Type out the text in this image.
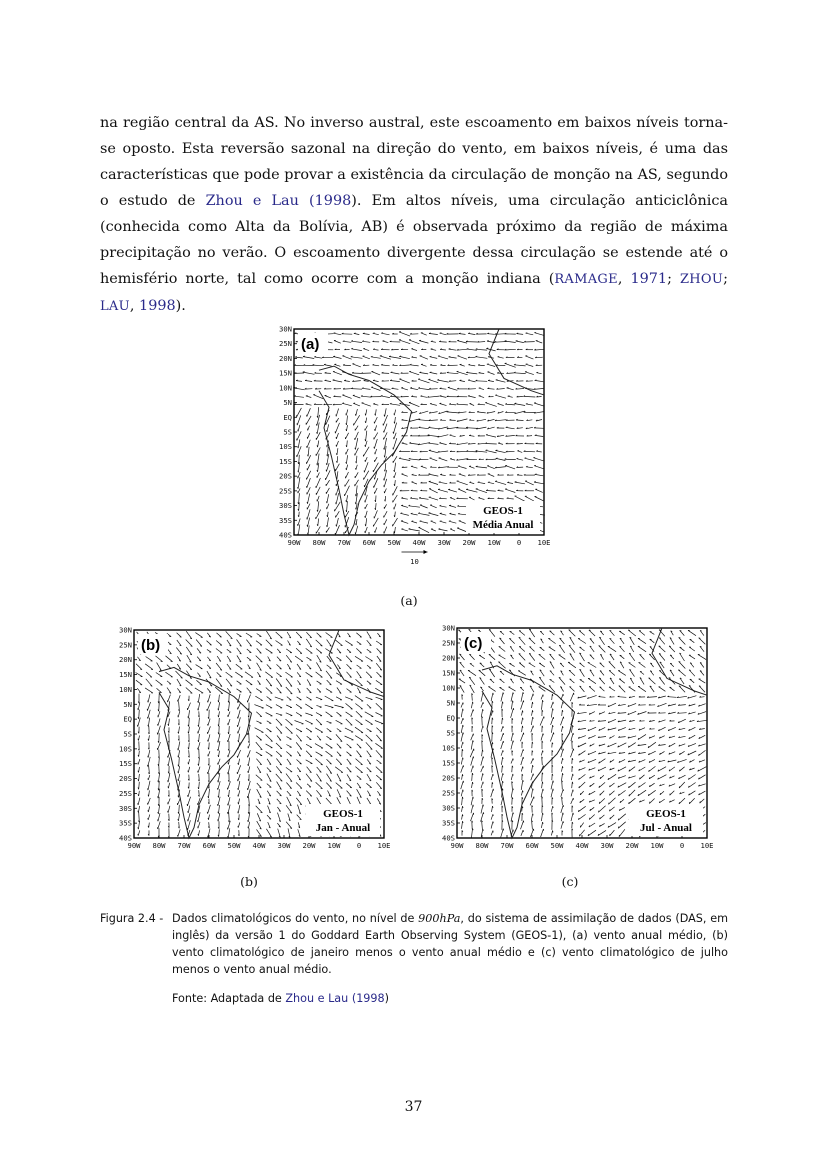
na região central da AS. No inverso austral, este escoamento em baixos níveis torna-se oposto. Esta reversão sazonal na direção do vento, em baixos níveis, é uma das características que pode provar a existência da circulação de monção na AS, segundo o estudo de Zhou e Lau (1998). Em altos níveis, uma circulação anticiclônica (conhecida como Alta da Bolívia, AB) é observada próximo da região de máxima precipitação no verão. O escoamento divergente dessa circulação se estende até o hemisfério norte, tal como ocorre com a monção indiana (RAMAGE, 1971; ZHOU; LAU, 1998).

30N
25N
20N
15N
10N
5N
EQ
5S
10S
15S
20S
25S
30S
35S
40S
90W 80W 70W 60W 50W 40W 30W 20W 10W 0 10E
(a)
GEOS-1
Média Anual
10
(a)
30N
25N
20N
15N
10N
5N
EQ
5S
10S
15S
20S
25S
30S
35S
40S
90W 80W 70W 60W 50W 40W 30W 20W 10W 0 10E
(b)
GEOS-1
Jan - Anual
(b)
30N
25N
20N
15N
10N
5N
EQ
5S
10S
15S
20S
25S
30S
35S
40S
90W 80W 70W 60W 50W 40W 30W 20W 10W 0 10E
(c)
GEOS-1
Jul - Anual
(c)
Figura 2.4 - Dados climatológicos do vento, no nível de 900hPa, do sistema de assimilação de dados (DAS, em inglês) da versão 1 do Goddard Earth Observing System (GEOS-1), (a) vento anual médio, (b) vento climatológico de janeiro menos o vento anual médio e (c) vento climatológico de julho menos o vento anual médio.
Fonte: Adaptada de Zhou e Lau (1998)
37
